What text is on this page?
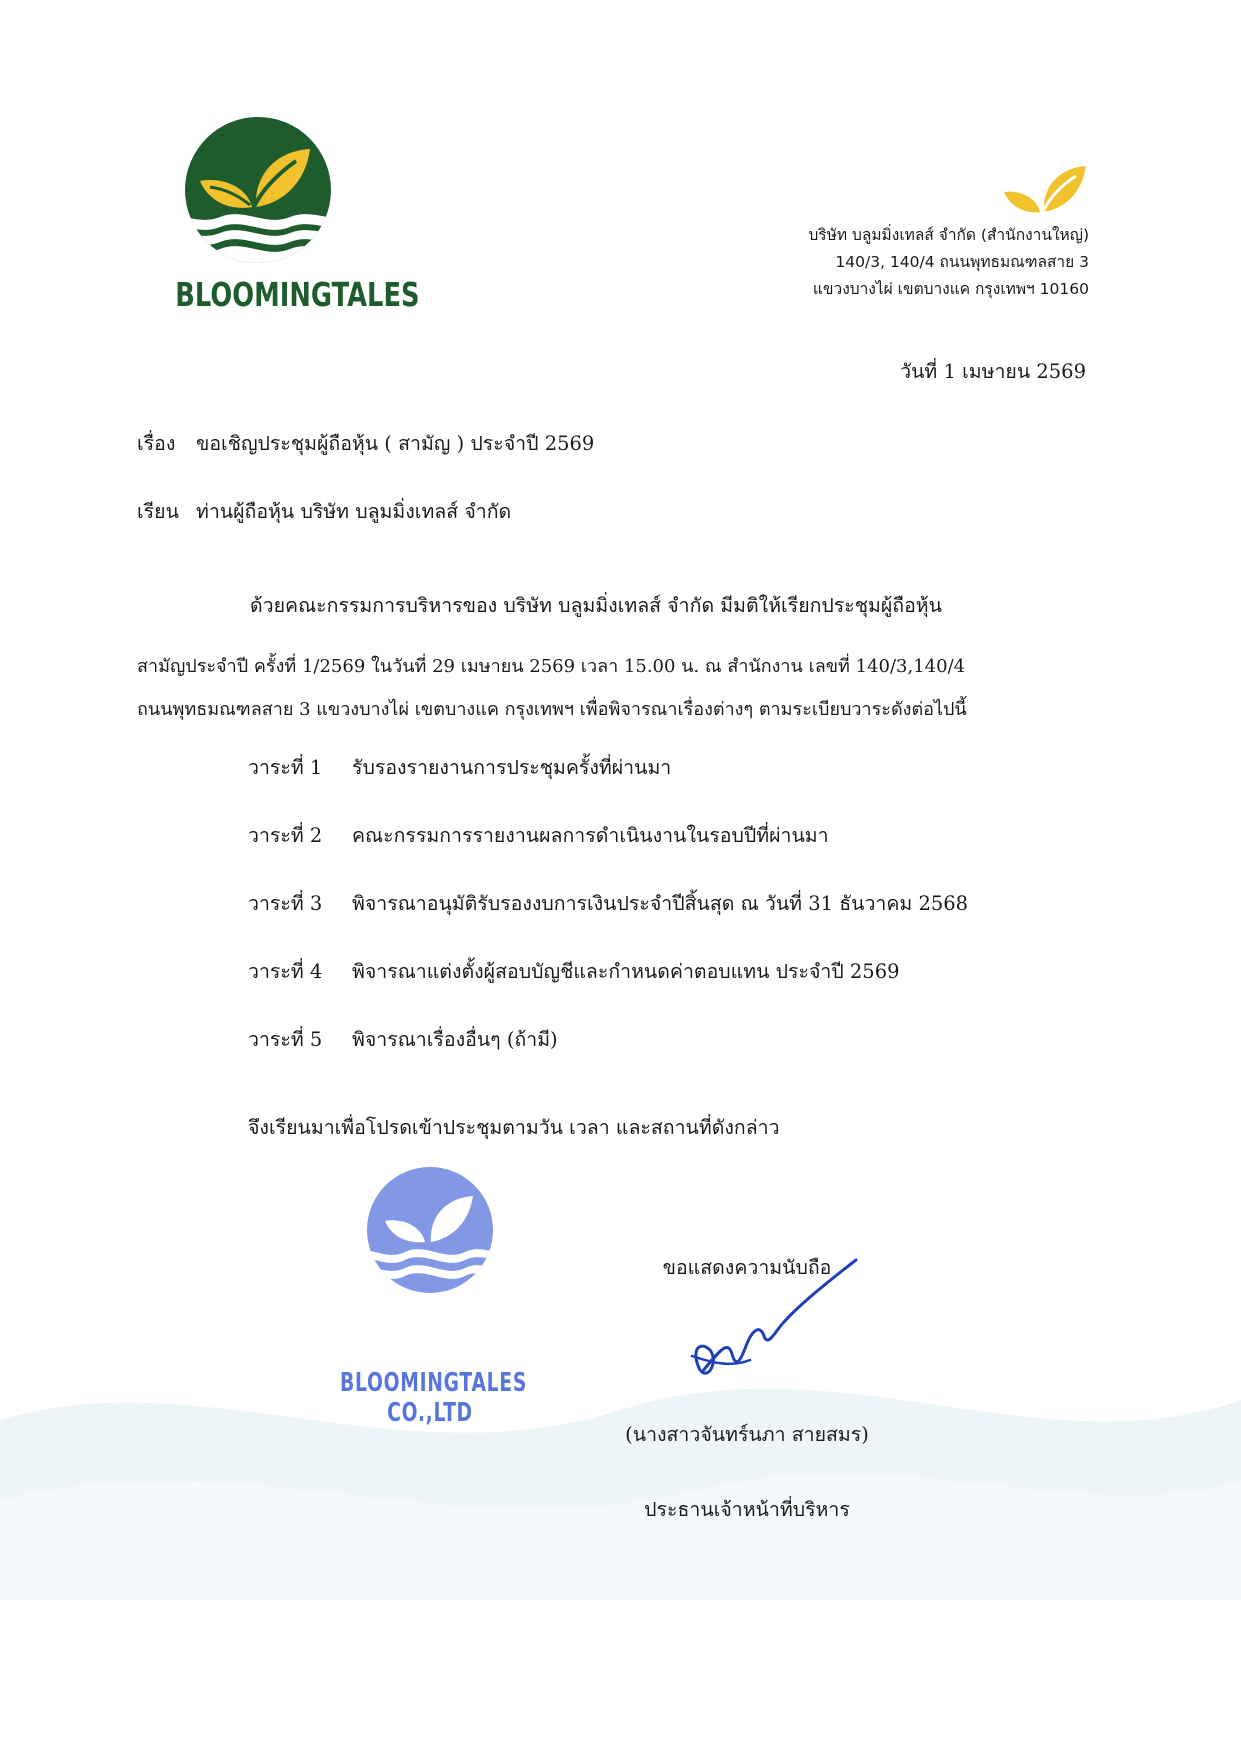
BLOOMINGTALES
บริษัท บลูมมิ่งเทลส์ จำกัด (สำนักงานใหญ่)
140/3, 140/4 ถนนพุทธมณฑลสาย 3
แขวงบางไผ่ เขตบางแค กรุงเทพฯ 10160
วันที่ 1 เมษายน 2569
เรื่อง ขอเชิญประชุมผู้ถือหุ้น ( สามัญ ) ประจำปี 2569
เรียน ท่านผู้ถือหุ้น บริษัท บลูมมิ่งเทลส์ จำกัด
ด้วยคณะกรรมการบริหารของ บริษัท บลูมมิ่งเทลส์ จำกัด มีมติให้เรียกประชุมผู้ถือหุ้น
สามัญประจำปี ครั้งที่ 1/2569 ในวันที่ 29 เมษายน 2569 เวลา 15.00 น. ณ สำนักงาน เลขที่ 140/3,140/4
ถนนพุทธมณฑลสาย 3 แขวงบางไผ่ เขตบางแค กรุงเทพฯ เพื่อพิจารณาเรื่องต่างๆ ตามระเบียบวาระดังต่อไปนี้
วาระที่ 1 รับรองรายงานการประชุมครั้งที่ผ่านมา
วาระที่ 2 คณะกรรมการรายงานผลการดำเนินงานในรอบปีที่ผ่านมา
วาระที่ 3 พิจารณาอนุมัติรับรองงบการเงินประจำปีสิ้นสุด ณ วันที่ 31 ธันวาคม 2568
วาระที่ 4 พิจารณาแต่งตั้งผู้สอบบัญชีและกำหนดค่าตอบแทน ประจำปี 2569
วาระที่ 5 พิจารณาเรื่องอื่นๆ (ถ้ามี)
จึงเรียนมาเพื่อโปรดเข้าประชุมตามวัน เวลา และสถานที่ดังกล่าว
BLOOMINGTALES CO.,LTD
ขอแสดงความนับถือ
(นางสาวจันทร์นภา สายสมร)
ประธานเจ้าหน้าที่บริหาร
